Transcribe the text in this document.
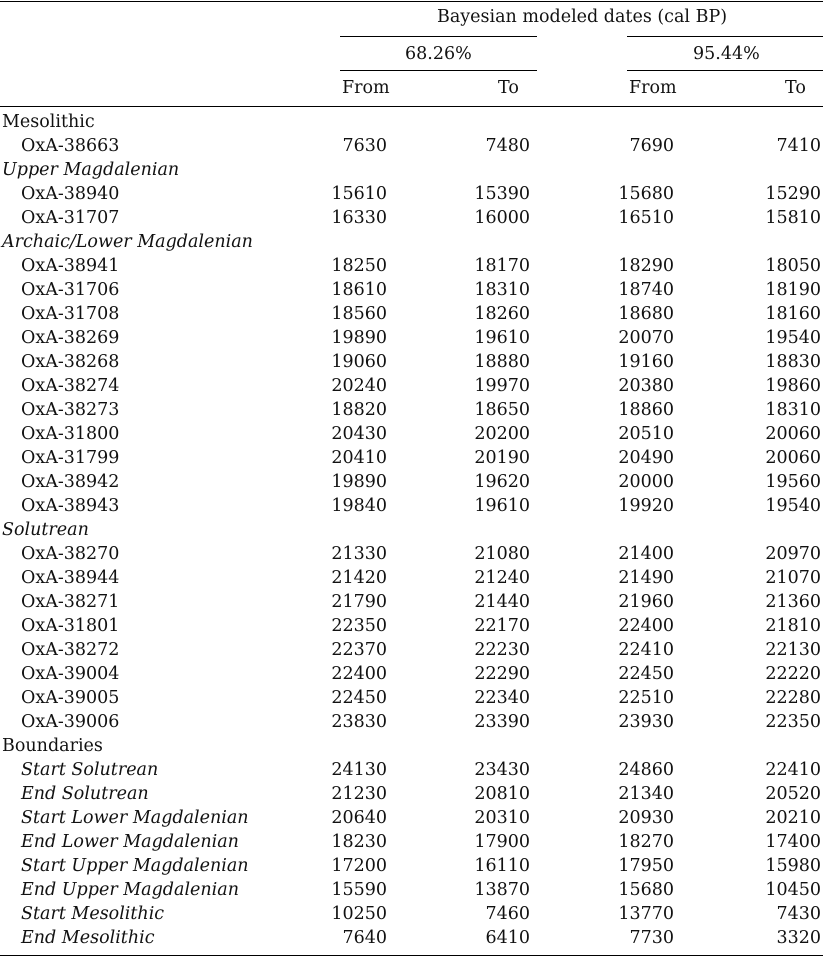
Bayesian modeled dates (cal BP)
68.26%	95.44%
From	To	From	To
Mesolithic
OxA-38663	7630	7480	7690	7410
Upper Magdalenian
OxA-38940	15610	15390	15680	15290
OxA-31707	16330	16000	16510	15810
Archaic/Lower Magdalenian
OxA-38941	18250	18170	18290	18050
OxA-31706	18610	18310	18740	18190
OxA-31708	18560	18260	18680	18160
OxA-38269	19890	19610	20070	19540
OxA-38268	19060	18880	19160	18830
OxA-38274	20240	19970	20380	19860
OxA-38273	18820	18650	18860	18310
OxA-31800	20430	20200	20510	20060
OxA-31799	20410	20190	20490	20060
OxA-38942	19890	19620	20000	19560
OxA-38943	19840	19610	19920	19540
Solutrean
OxA-38270	21330	21080	21400	20970
OxA-38944	21420	21240	21490	21070
OxA-38271	21790	21440	21960	21360
OxA-31801	22350	22170	22400	21810
OxA-38272	22370	22230	22410	22130
OxA-39004	22400	22290	22450	22220
OxA-39005	22450	22340	22510	22280
OxA-39006	23830	23390	23930	22350
Boundaries
Start Solutrean	24130	23430	24860	22410
End Solutrean	21230	20810	21340	20520
Start Lower Magdalenian	20640	20310	20930	20210
End Lower Magdalenian	18230	17900	18270	17400
Start Upper Magdalenian	17200	16110	17950	15980
End Upper Magdalenian	15590	13870	15680	10450
Start Mesolithic	10250	7460	13770	7430
End Mesolithic	7640	6410	7730	3320
